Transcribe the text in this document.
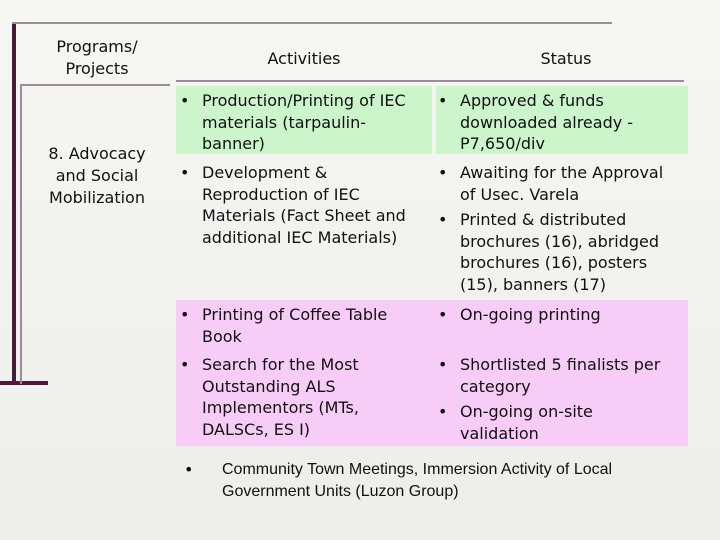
Programs/
Projects
Activities	Status
8. Advocacy
and Social
Mobilization
• Production/Printing of IEC
materials (tarpaulin-
banner)
• Development &
Reproduction of IEC
Materials (Fact Sheet and
additional IEC Materials)
• Printing of Coffee Table
Book
• Search for the Most
Outstanding ALS
Implementors (MTs,
DALSCs, ES I)
• Approved & funds
downloaded already -
P7,650/div
• Awaiting for the Approval
of Usec. Varela
• Printed & distributed
brochures (16), abridged
brochures (16), posters
(15), banners (17)
• On-going printing
• Shortlisted 5 finalists per
category
• On-going on-site
validation
• Community Town Meetings, Immersion Activity of Local
Government Units (Luzon Group)
